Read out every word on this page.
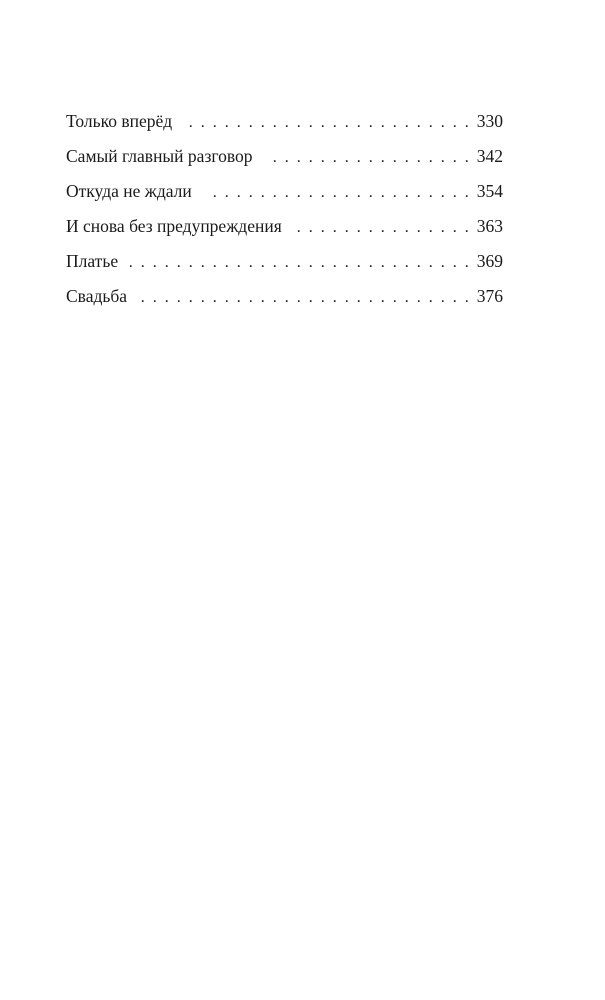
Только вперёд . . .	330
Самый главный разговор . . .	342
Откуда не ждали . . .	354
И снова без предупреждения . . .	363
Платье . . .	369
Свадьба . . .	376
